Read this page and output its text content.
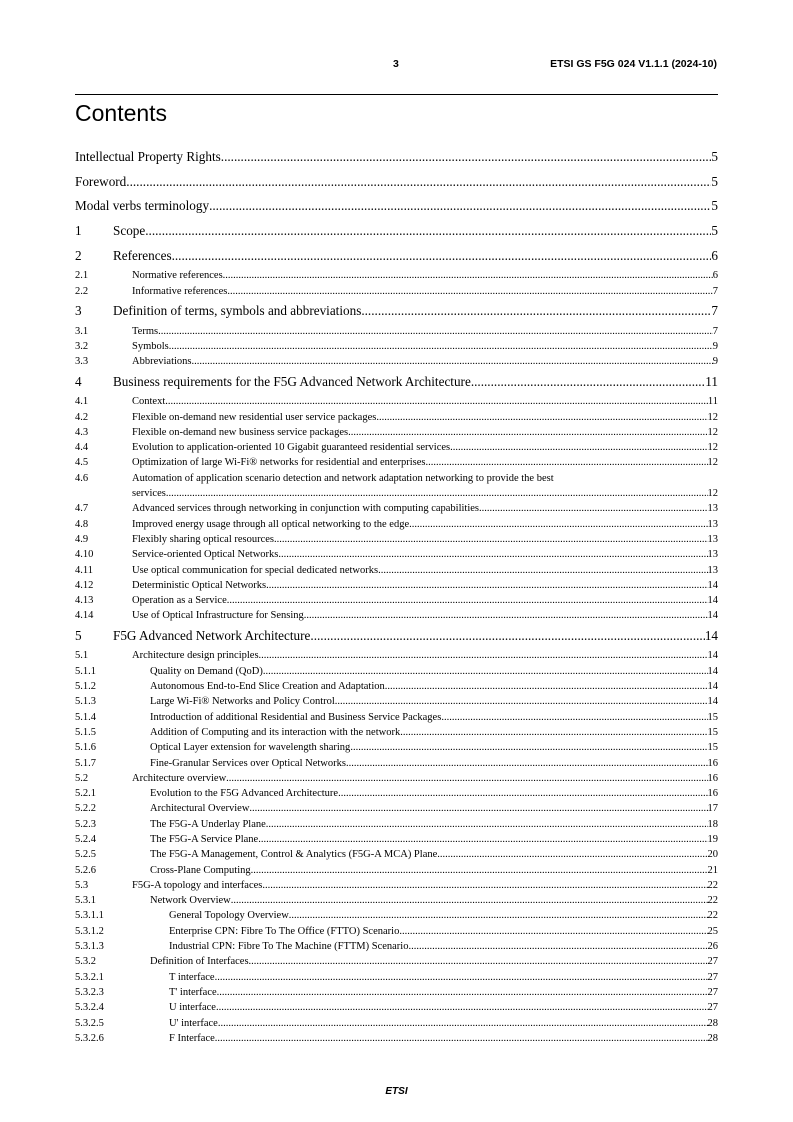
3	ETSI GS F5G 024 V1.1.1 (2024-10)
Contents
Intellectual Property Rights .....	5
Foreword .....	5
Modal verbs terminology .....	5
1	Scope .....	5
2	References .....	6
2.1	Normative references .....	6
2.2	Informative references .....	7
3	Definition of terms, symbols and abbreviations .....	7
3.1	Terms .....	7
3.2	Symbols .....	9
3.3	Abbreviations .....	9
4	Business requirements for the F5G Advanced Network Architecture .....	11
4.1	Context .....	11
4.2	Flexible on-demand new residential user service packages .....	12
4.3	Flexible on-demand new business service packages .....	12
4.4	Evolution to application-oriented 10 Gigabit guaranteed residential services .....	12
4.5	Optimization of large Wi-Fi® networks for residential and enterprises .....	12
4.6	Automation of application scenario detection and network adaptation networking to provide the best
services .....	12
4.7	Advanced services through networking in conjunction with computing capabilities .....	13
4.8	Improved energy usage through all optical networking to the edge .....	13
4.9	Flexibly sharing optical resources .....	13
4.10	Service-oriented Optical Networks .....	13
4.11	Use optical communication for special dedicated networks .....	13
4.12	Deterministic Optical Networks .....	14
4.13	Operation as a Service .....	14
4.14	Use of Optical Infrastructure for Sensing .....	14
5	F5G Advanced Network Architecture .....	14
5.1	Architecture design principles .....	14
5.1.1	Quality on Demand (QoD) .....	14
5.1.2	Autonomous End-to-End Slice Creation and Adaptation .....	14
5.1.3	Large Wi-Fi® Networks and Policy Control .....	14
5.1.4	Introduction of additional Residential and Business Service Packages .....	15
5.1.5	Addition of Computing and its interaction with the network .....	15
5.1.6	Optical Layer extension for wavelength sharing .....	15
5.1.7	Fine-Granular Services over Optical Networks .....	16
5.2	Architecture overview .....	16
5.2.1	Evolution to the F5G Advanced Architecture .....	16
5.2.2	Architectural Overview .....	17
5.2.3	The F5G-A Underlay Plane .....	18
5.2.4	The F5G-A Service Plane .....	19
5.2.5	The F5G-A Management, Control & Analytics (F5G-A MCA) Plane .....	20
5.2.6	Cross-Plane Computing .....	21
5.3	F5G-A topology and interfaces .....	22
5.3.1	Network Overview .....	22
5.3.1.1	General Topology Overview .....	22
5.3.1.2	Enterprise CPN: Fibre To The Office (FTTO) Scenario .....	25
5.3.1.3	Industrial CPN: Fibre To The Machine (FTTM) Scenario .....	26
5.3.2	Definition of Interfaces .....	27
5.3.2.1	T interface .....	27
5.3.2.3	T' interface .....	27
5.3.2.4	U interface .....	27
5.3.2.5	U' interface .....	28
5.3.2.6	F Interface .....	28
ETSI
